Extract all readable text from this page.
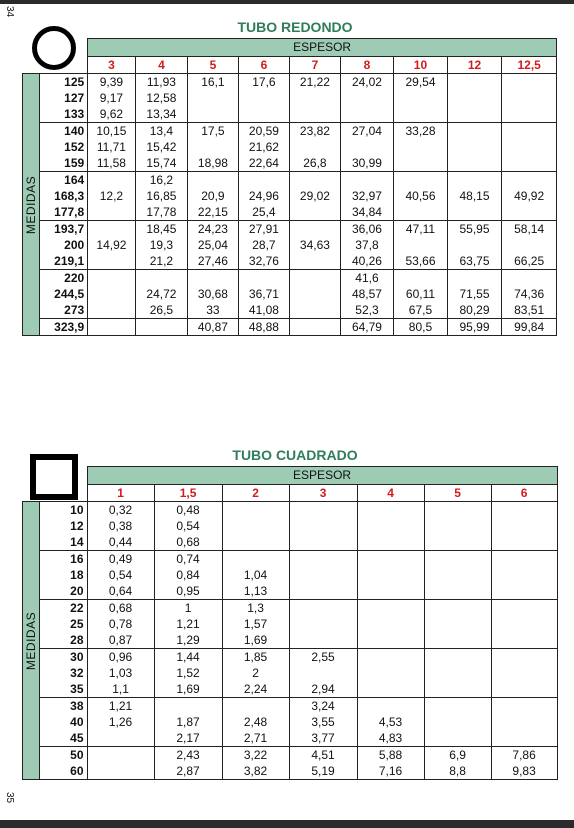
34
35
TUBO REDONDO
		ESPESOR								
		3	4	5	6	7	8	10	12	12,5

	MEDIDAS	125	9,39	11,93	16,1	17,6	21,22	24,02	29,54		
	127	9,17	12,58							
	133	9,62	13,34							
	140	10,15	13,4	17,5	20,59	23,82	27,04	33,28		
	152	11,71	15,42		21,62					
	159	11,58	15,74	18,98	22,64	26,8	30,99			
	164		16,2							
	168,3	12,2	16,85	20,9	24,96	29,02	32,97	40,56	48,15	49,92
	177,8		17,78	22,15	25,4		34,84			
	193,7		18,45	24,23	27,91		36,06	47,11	55,95	58,14
	200	14,92	19,3	25,04	28,7	34,63	37,8			
	219,1		21,2	27,46	32,76		40,26	53,66	63,75	66,25
	220						41,6			
	244,5		24,72	30,68	36,71		48,57	60,11	71,55	74,36
	273		26,5	33	41,08		52,3	67,5	80,29	83,51
	323,9			40,87	48,88		64,79	80,5	95,99	99,84
TUBO CUADRADO
		ESPESOR						
		1	1,5	2	3	4	5	6

	MEDIDAS	10	0,32	0,48					
	12	0,38	0,54					
	14	0,44	0,68					
	16	0,49	0,74					
	18	0,54	0,84	1,04				
	20	0,64	0,95	1,13				
	22	0,68	1	1,3				
	25	0,78	1,21	1,57				
	28	0,87	1,29	1,69				
	30	0,96	1,44	1,85	2,55			
	32	1,03	1,52	2				
	35	1,1	1,69	2,24	2,94			
	38	1,21			3,24			
	40	1,26	1,87	2,48	3,55	4,53		
	45		2,17	2,71	3,77	4,83		
	50		2,43	3,22	4,51	5,88	6,9	7,86
	60		2,87	3,82	5,19	7,16	8,8	9,83
